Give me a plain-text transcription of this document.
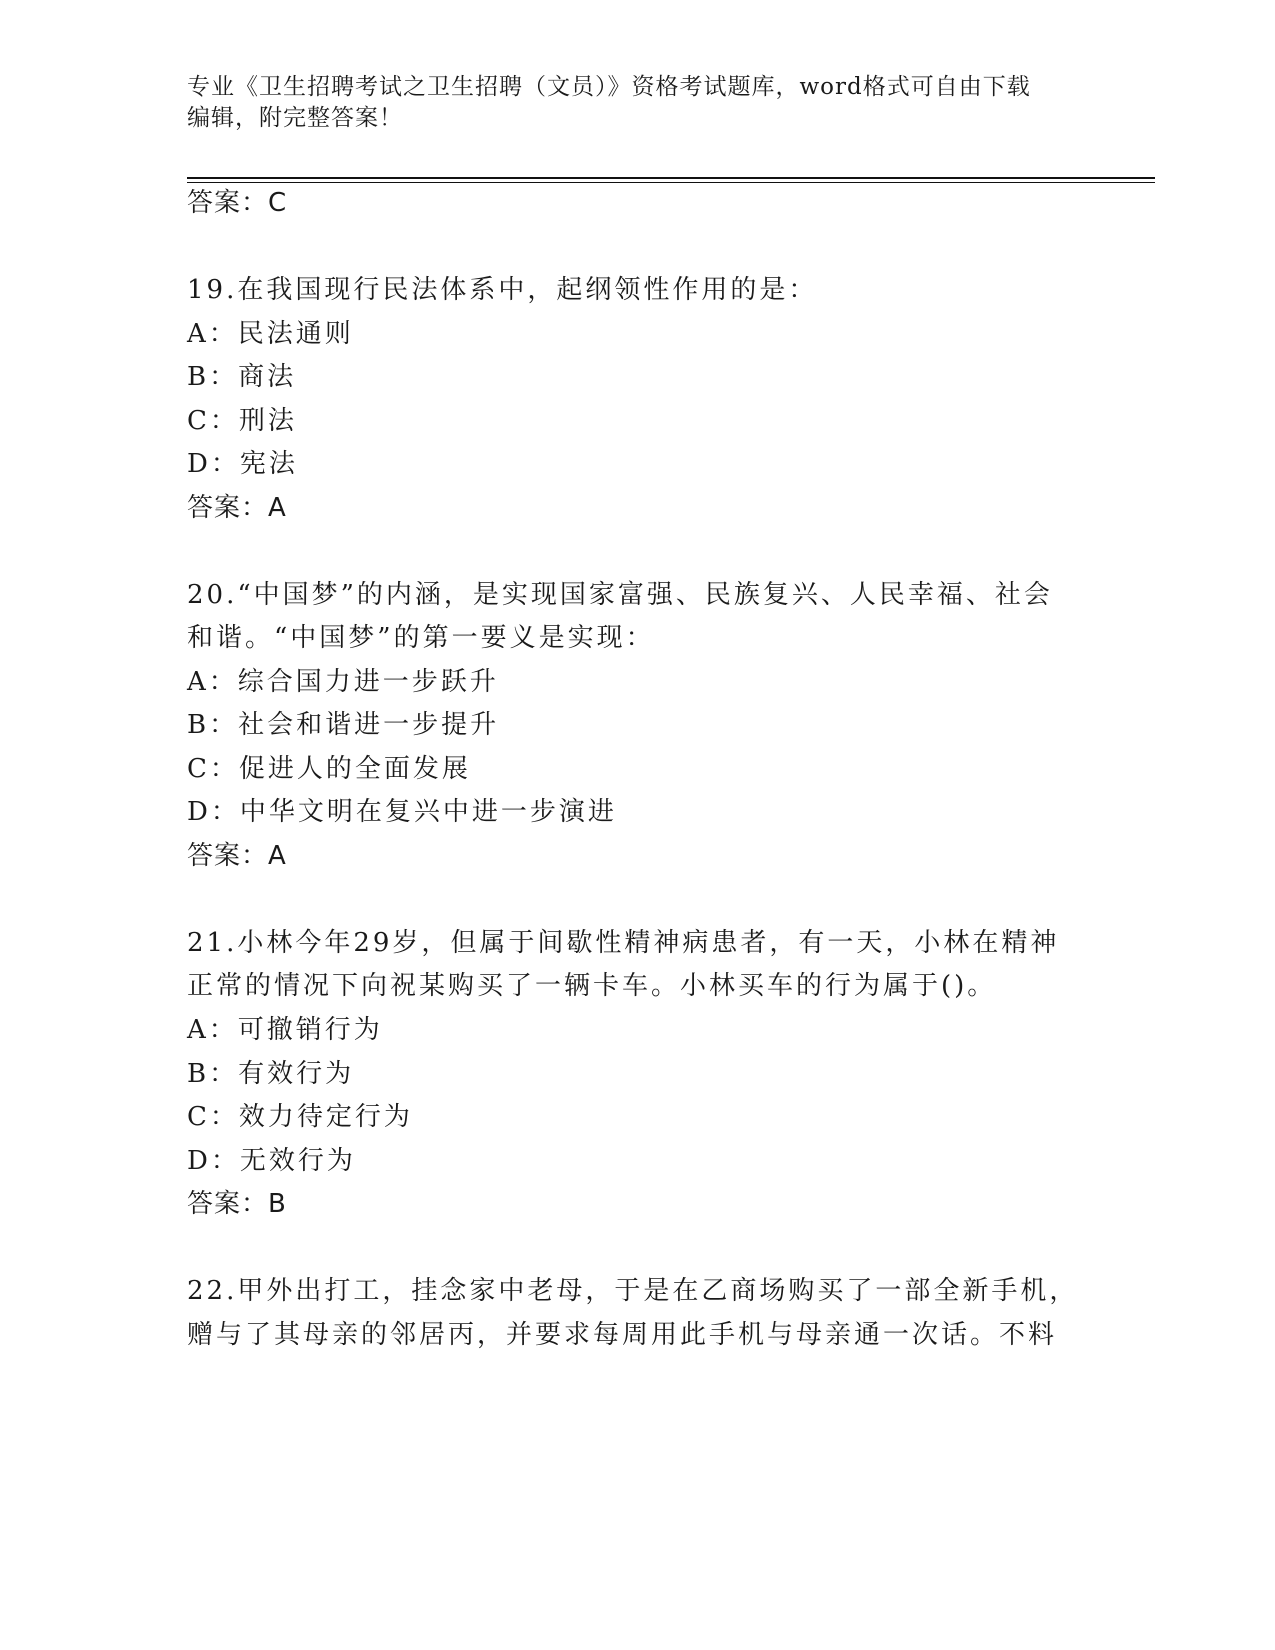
专业《卫生招聘考试之卫生招聘（文员）》资格考试题库，word格式可自由下载
编辑，附完整答案！
答案：C
19.在我国现行民法体系中，起纲领性作用的是：
A：民法通则
B：商法
C：刑法
D：宪法
答案：A
20.“中国梦”的内涵，是实现国家富强、民族复兴、人民幸福、社会
和谐。“中国梦”的第一要义是实现：
A：综合国力进一步跃升
B：社会和谐进一步提升
C：促进人的全面发展
D：中华文明在复兴中进一步演进
答案：A
21.小林今年29岁，但属于间歇性精神病患者，有一天，小林在精神
正常的情况下向祝某购买了一辆卡车。小林买车的行为属于()。
A：可撤销行为
B：有效行为
C：效力待定行为
D：无效行为
答案：B
22.甲外出打工，挂念家中老母，于是在乙商场购买了一部全新手机，
赠与了其母亲的邻居丙，并要求每周用此手机与母亲通一次话。不料
